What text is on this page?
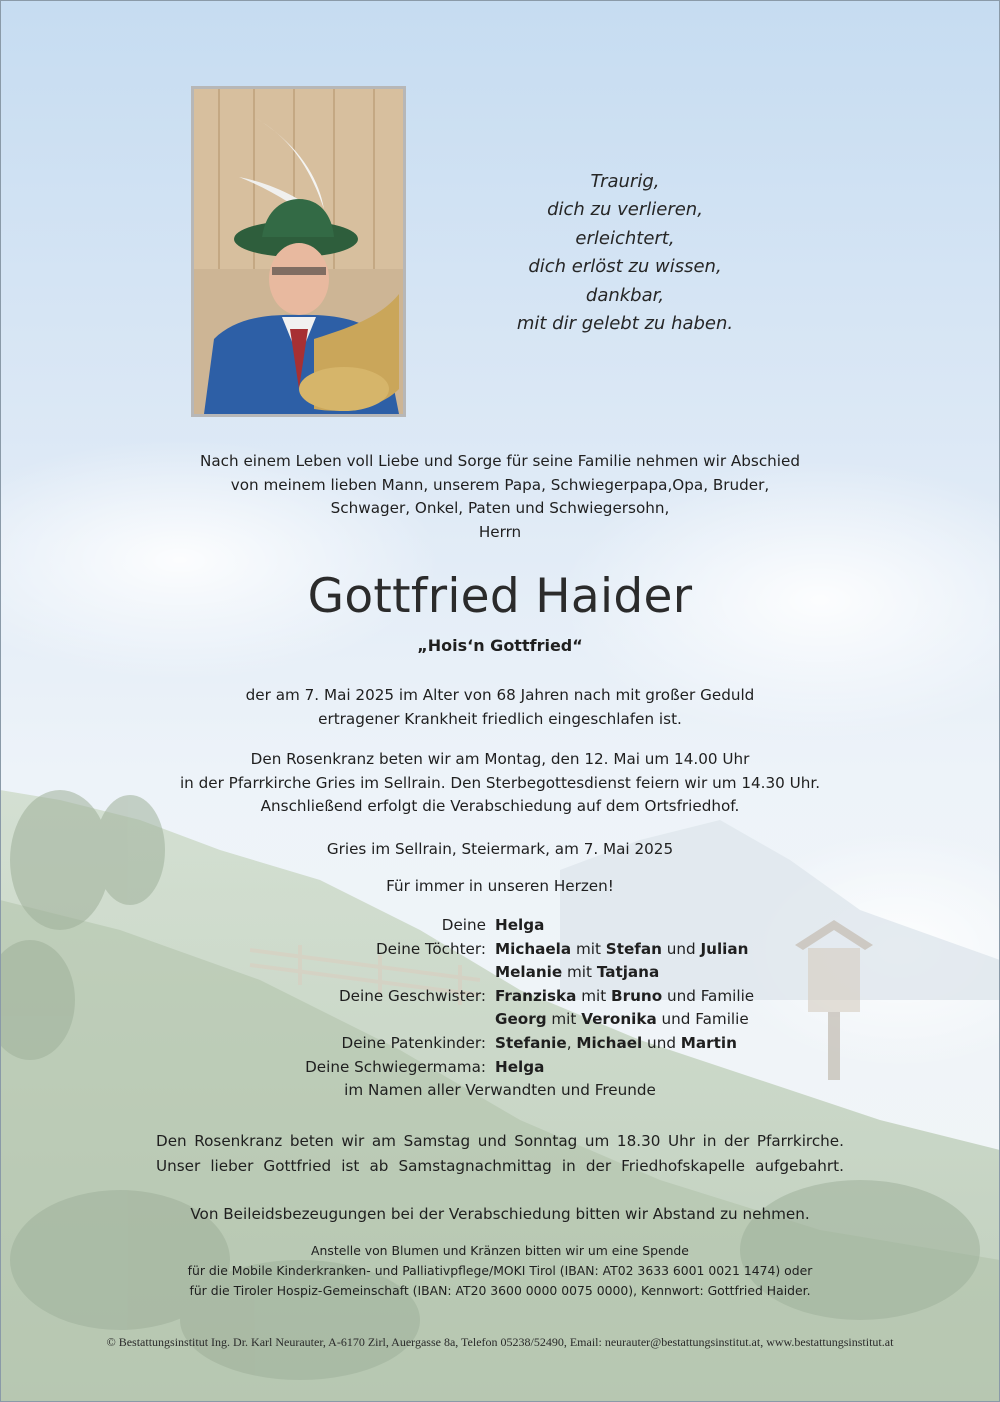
Traurig,
dich zu verlieren,
erleichtert,
dich erlöst zu wissen,
dankbar,
mit dir gelebt zu haben.
Nach einem Leben voll Liebe und Sorge für seine Familie nehmen wir Abschied
von meinem lieben Mann, unserem Papa, Schwiegerpapa,Opa, Bruder,
Schwager, Onkel, Paten und Schwiegersohn,
Herrn
Gottfried Haider
„Hois‘n Gottfried“
der am 7. Mai 2025 im Alter von 68 Jahren nach mit großer Geduld
ertragener Krankheit friedlich eingeschlafen ist.
Den Rosenkranz beten wir am Montag, den 12. Mai um 14.00 Uhr
in der Pfarrkirche Gries im Sellrain. Den Sterbegottesdienst feiern wir um 14.30 Uhr.
Anschließend erfolgt die Verabschiedung auf dem Ortsfriedhof.
Gries im Sellrain, Steiermark, am 7. Mai 2025
Für immer in unseren Herzen!
Deine Helga
Deine Töchter: Michaela mit Stefan und Julian
Melanie mit Tatjana
Deine Geschwister: Franziska mit Bruno und Familie
Georg mit Veronika und Familie
Deine Patenkinder: Stefanie, Michael und Martin
Deine Schwiegermama: Helga
im Namen aller Verwandten und Freunde
Den Rosenkranz beten wir am Samstag und Sonntag um 18.30 Uhr in der Pfarrkirche.
Unser lieber Gottfried ist ab Samstagnachmittag in der Friedhofskapelle aufgebahrt.
Von Beileidsbezeugungen bei der Verabschiedung bitten wir Abstand zu nehmen.
Anstelle von Blumen und Kränzen bitten wir um eine Spende
für die Mobile Kinderkranken- und Palliativpflege/MOKI Tirol (IBAN: AT02 3633 6001 0021 1474) oder
für die Tiroler Hospiz-Gemeinschaft (IBAN: AT20 3600 0000 0075 0000), Kennwort: Gottfried Haider.
© Bestattungsinstitut Ing. Dr. Karl Neurauter, A-6170 Zirl, Auergasse 8a, Telefon 05238/52490, Email: neurauter@bestattungsinstitut.at, www.bestattungsinstitut.at
